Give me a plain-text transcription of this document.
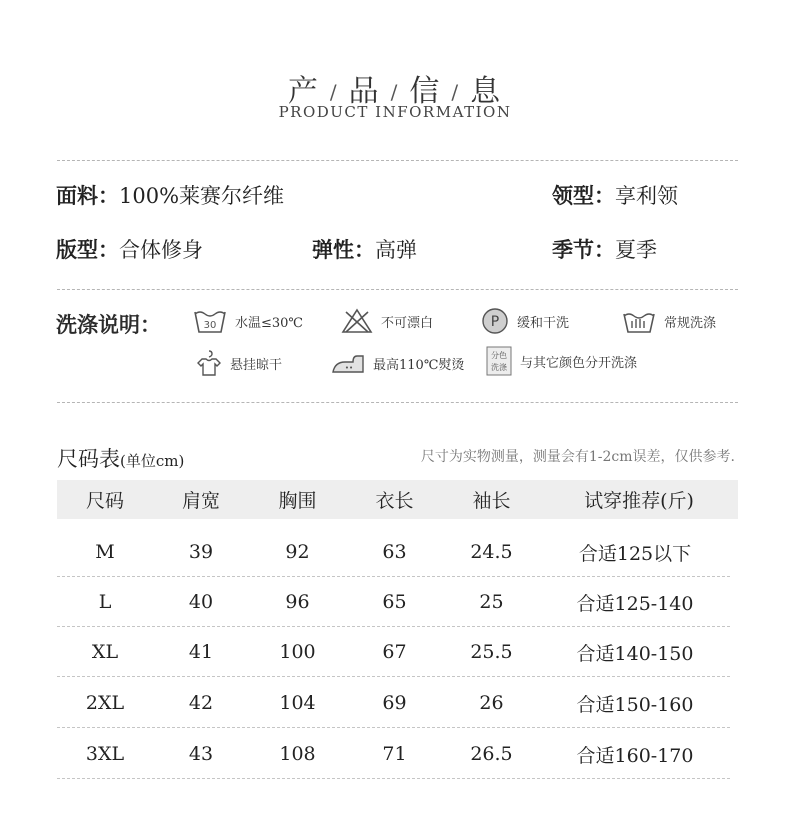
产 / 品 / 信 / 息
PRODUCT INFORMATION
面料：100%莱赛尔纤维	领型：享利领
版型：合体修身	弹性：高弹	季节：夏季
洗涤说明：	30 水温≤30℃	不可漂白	P 缓和干洗	常规洗涤
悬挂晾干	•• 最高110℃熨烫
分色
洗涤 与其它颜色分开洗涤
尺码表(单位cm)	尺寸为实物测量，测量会有1-2cm误差，仅供参考.
尺码	肩宽	胸围	衣长	袖长	试穿推荐(斤)
M	39	92	63	24.5	合适125以下
L	40	96	65	25	合适125-140
XL	41	100	67	25.5	合适140-150
2XL	42	104	69	26	合适150-160
3XL	43	108	71	26.5	合适160-170
